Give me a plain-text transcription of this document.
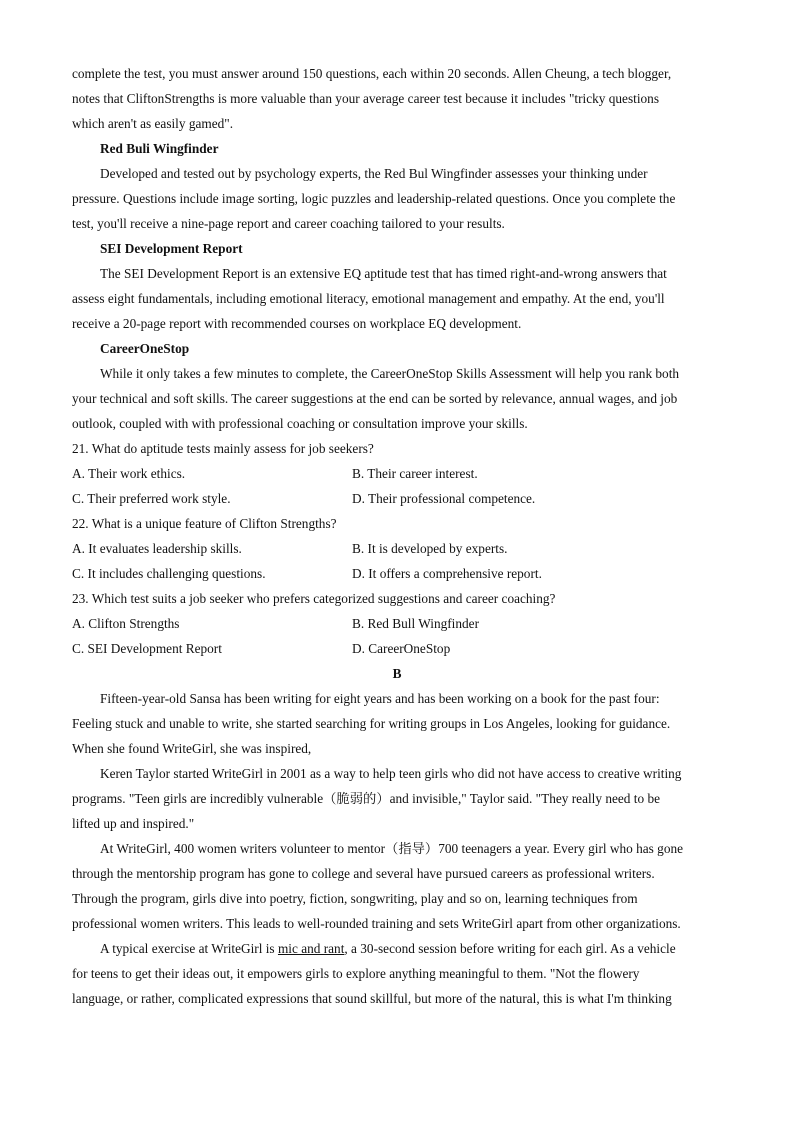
complete the test, you must answer around 150 questions, each within 20 seconds. Allen Cheung, a tech blogger,
notes that CliftonStrengths is more valuable than your average career test because it includes "tricky questions
which aren't as easily gamed".
Red Buli Wingfinder
Developed and tested out by psychology experts, the Red Bul Wingfinder assesses your thinking under
pressure. Questions include image sorting, logic puzzles and leadership-related questions. Once you complete the
test, you'll receive a nine-page report and career coaching tailored to your results.
SEI Development Report
The SEI Development Report is an extensive EQ aptitude test that has timed right-and-wrong answers that
assess eight fundamentals, including emotional literacy, emotional management and empathy. At the end, you'll
receive a 20-page report with recommended courses on workplace EQ development.
CareerOneStop
While it only takes a few minutes to complete, the CareerOneStop Skills Assessment will help you rank both
your technical and soft skills. The career suggestions at the end can be sorted by relevance, annual wages, and job
outlook, coupled with with professional coaching or consultation improve your skills.
21. What do aptitude tests mainly assess for job seekers?
A. Their work ethics.	B. Their career interest.
C. Their preferred work style.	D. Their professional competence.
22. What is a unique feature of Clifton Strengths?
A. It evaluates leadership skills.	B. It is developed by experts.
C. It includes challenging questions.	D. It offers a comprehensive report.
23. Which test suits a job seeker who prefers categorized suggestions and career coaching?
A. Clifton Strengths	B. Red Bull Wingfinder
C. SEI Development Report	D. CareerOneStop
B
Fifteen-year-old Sansa has been writing for eight years and has been working on a book for the past four:
Feeling stuck and unable to write, she started searching for writing groups in Los Angeles, looking for guidance.
When she found WriteGirl, she was inspired,
Keren Taylor started WriteGirl in 2001 as a way to help teen girls who did not have access to creative writing
programs. "Teen girls are incredibly vulnerable（脆弱的）and invisible," Taylor said. "They really need to be
lifted up and inspired."
At WriteGirl, 400 women writers volunteer to mentor（指导）700 teenagers a year. Every girl who has gone
through the mentorship program has gone to college and several have pursued careers as professional writers.
Through the program, girls dive into poetry, fiction, songwriting, play and so on, learning techniques from
professional women writers. This leads to well-rounded training and sets WriteGirl apart from other organizations.
A typical exercise at WriteGirl is mic and rant, a 30-second session before writing for each girl. As a vehicle
for teens to get their ideas out, it empowers girls to explore anything meaningful to them. "Not the flowery
language, or rather, complicated expressions that sound skillful, but more of the natural, this is what I'm thinking
